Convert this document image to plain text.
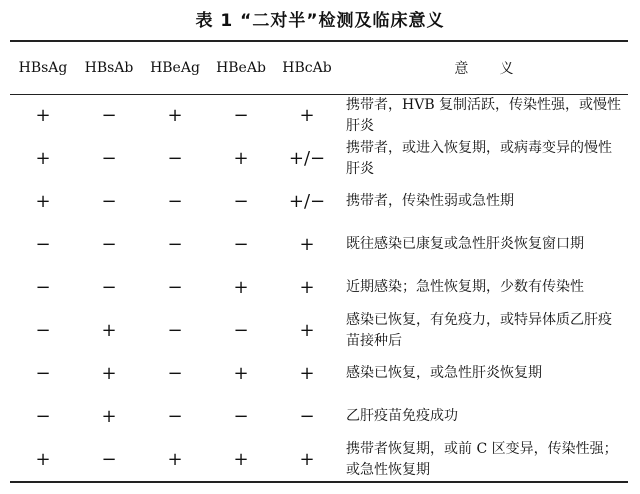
表 1 “二对半”检测及临床意义
HBsAg	HBsAb	HBeAg	HBeAb	HBcAb	意       义
+	−	+	−	+	携带者，HVB 复制活跃，传染性强，或慢性肝炎
+	−	−	+	+/−	携带者，或进入恢复期，或病毒变异的慢性肝炎
+	−	−	−	+/−	携带者，传染性弱或急性期
−	−	−	−	+	既往感染已康复或急性肝炎恢复窗口期
−	−	−	+	+	近期感染；急性恢复期，少数有传染性
−	+	−	−	+	感染已恢复，有免疫力，或特异体质乙肝疫苗接种后
−	+	−	+	+	感染已恢复，或急性肝炎恢复期
−	+	−	−	−	乙肝疫苗免疫成功
+	−	+	+	+	携带者恢复期，或前 C 区变异，传染性强；或急性恢复期
